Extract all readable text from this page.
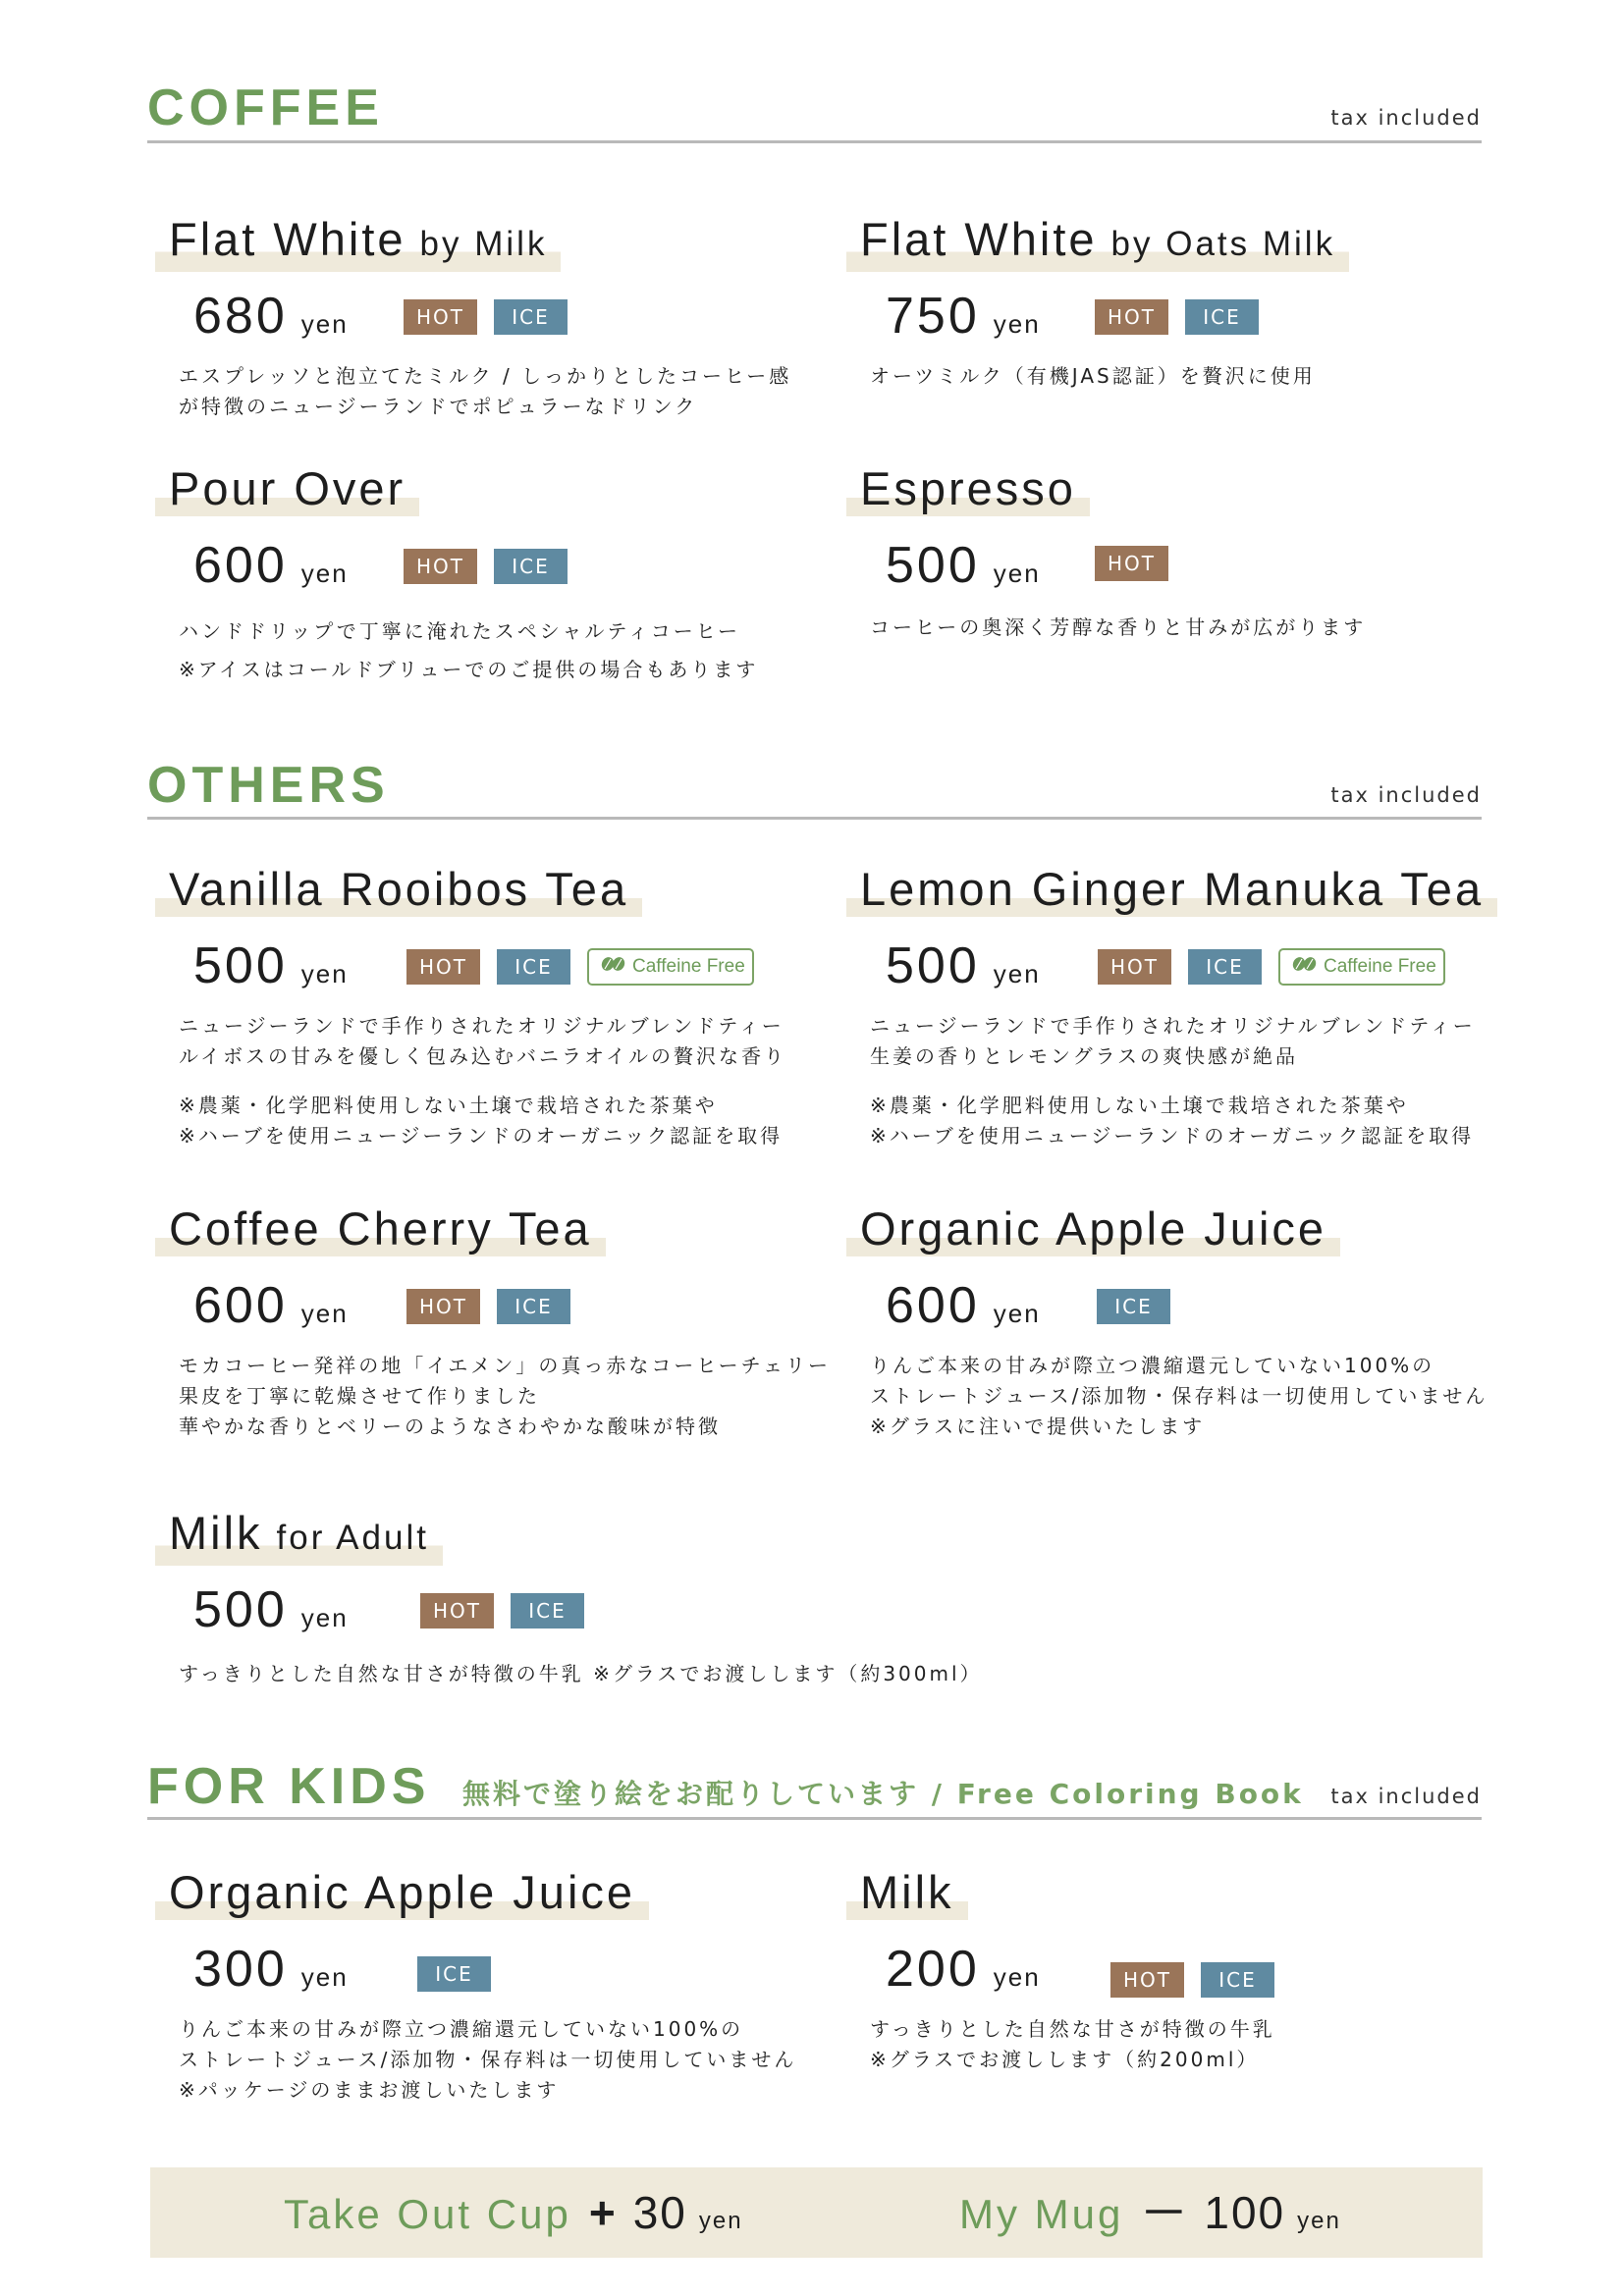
COFFEE	tax included
Flat White by Milk
680 yen	HOT	ICE
エスプレッソと泡立てたミルク / しっかりとしたコーヒー感
が特徴のニュージーランドでポピュラーなドリンク
Flat White by Oats Milk
750 yen	HOT	ICE
オーツミルク（有機JAS認証）を贅沢に使用
Pour Over
600 yen	HOT	ICE
ハンドドリップで丁寧に淹れたスペシャルティコーヒー
※アイスはコールドブリューでのご提供の場合もあります
Espresso
500 yen	HOT
コーヒーの奥深く芳醇な香りと甘みが広がります
OTHERS	tax included
Vanilla Rooibos Tea
500 yen	HOT	ICE	Caffeine Free
ニュージーランドで手作りされたオリジナルブレンドティー
ルイボスの甘みを優しく包み込むバニラオイルの贅沢な香り
※農薬・化学肥料使用しない土壌で栽培された茶葉や
※ハーブを使用ニュージーランドのオーガニック認証を取得
Lemon Ginger Manuka Tea
500 yen	HOT	ICE	Caffeine Free
ニュージーランドで手作りされたオリジナルブレンドティー
生姜の香りとレモングラスの爽快感が絶品
※農薬・化学肥料使用しない土壌で栽培された茶葉や
※ハーブを使用ニュージーランドのオーガニック認証を取得
Coffee Cherry Tea
600 yen	HOT	ICE
モカコーヒー発祥の地「イエメン」の真っ赤なコーヒーチェリー
果皮を丁寧に乾燥させて作りました
華やかな香りとベリーのようなさわやかな酸味が特徴
Organic Apple Juice
600 yen	ICE
りんご本来の甘みが際立つ濃縮還元していない100%の
ストレートジュース/添加物・保存料は一切使用していません
※グラスに注いで提供いたします
Milk for Adult
500 yen	HOT	ICE
すっきりとした自然な甘さが特徴の牛乳 ※グラスでお渡しします（約300ml）
FOR KIDS 無料で塗り絵をお配りしています / Free Coloring Book tax included
Organic Apple Juice
300 yen	ICE
りんご本来の甘みが際立つ濃縮還元していない100%の
ストレートジュース/添加物・保存料は一切使用していません
※パッケージのままお渡しいたします
Milk
200 yen	HOT	ICE
すっきりとした自然な甘さが特徴の牛乳
※グラスでお渡しします（約200ml）
Take Out Cup + 30 yen	My Mug － 100 yen
